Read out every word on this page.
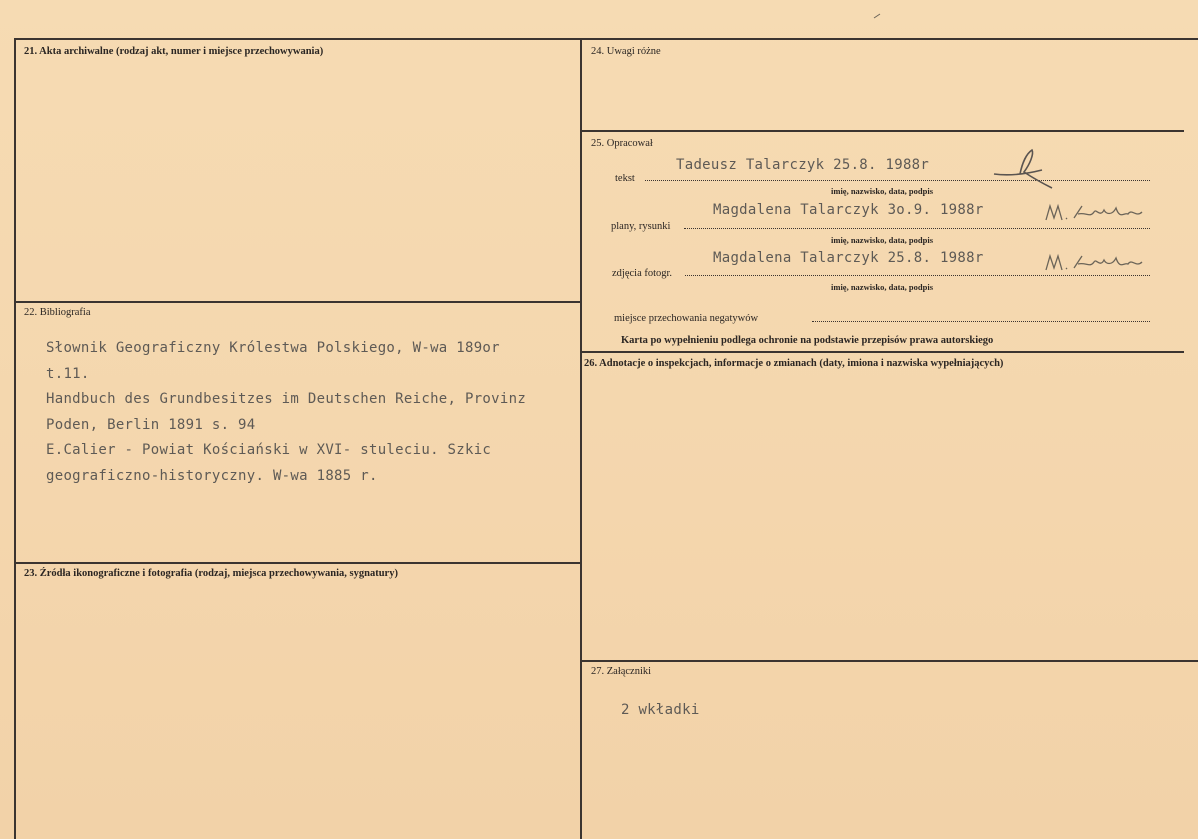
21. Akta archiwalne (rodzaj akt, numer i miejsce przechowywania)
22. Bibliografia
Słownik Geograficzny Królestwa Polskiego, W-wa 189or
t.11.
Handbuch des Grundbesitzes im Deutschen Reiche, Provinz
Poden, Berlin 1891 s. 94
E.Calier - Powiat Kościański w XVI- stuleciu. Szkic
geograficzno-historyczny. W-wa 1885 r.
23. Źródła ikonograficzne i fotografia (rodzaj, miejsca przechowywania, sygnatury)
24. Uwagi różne
25. Opracował
Tadeusz Talarczyk 25.8. 1988r
tekst
imię, nazwisko, data, podpis
Magdalena Talarczyk 3o.9. 1988r
plany, rysunki
imię, nazwisko, data, podpis
Magdalena Talarczyk 25.8. 1988r
zdjęcia fotogr.
imię, nazwisko, data, podpis
miejsce przechowania negatywów
Karta po wypełnieniu podlega ochronie na podstawie przepisów prawa autorskiego
26. Adnotacje o inspekcjach, informacje o zmianach (daty, imiona i nazwiska wypełniających)
27. Załączniki
2 wkładki
